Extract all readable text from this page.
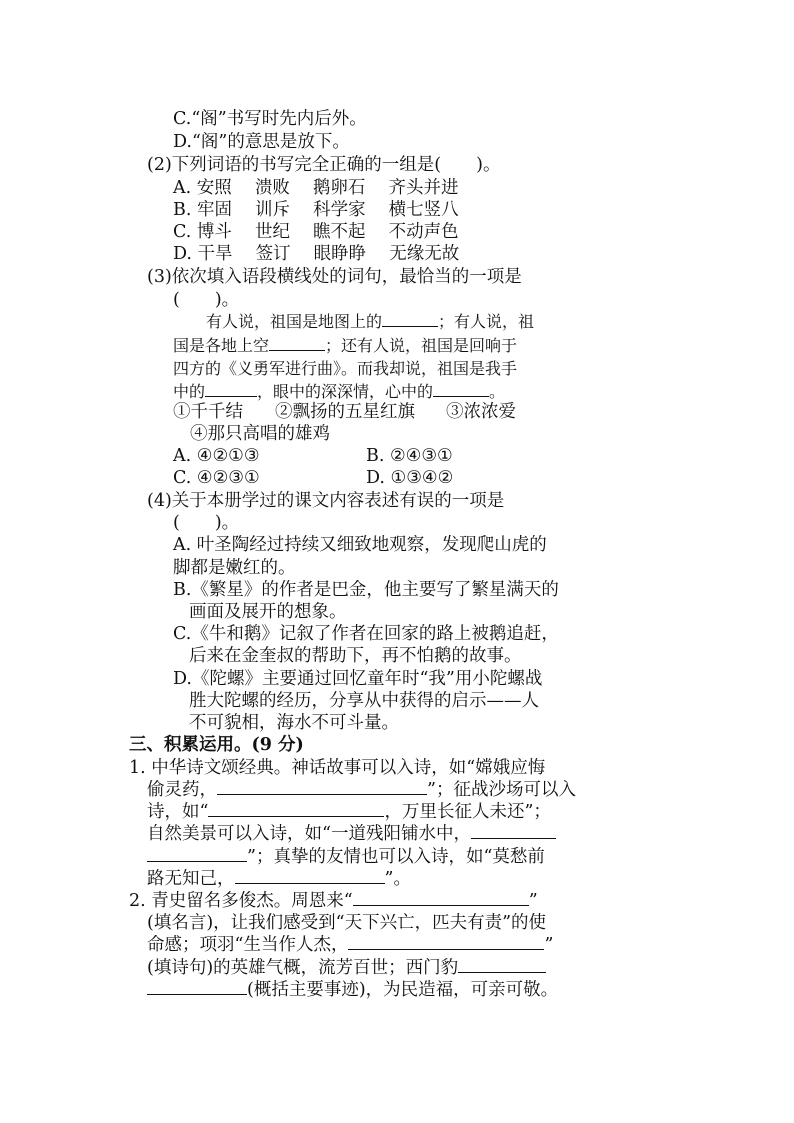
C.“阁”书写时先内后外。
D.“阁”的意思是放下。
(2)下列词语的书写完全正确的一组是(　　)。
A. 安照　 溃败　 鹅卵石　 齐头并进
B. 牢固　 训斥　 科学家　 横七竖八
C. 博斗　 世纪　 瞧不起　 不动声色
D. 干旱　 签订　 眼睁睁　 无缘无故
(3)依次填入语段横线处的词句，最恰当的一项是
(　　)。
有人说，祖国是地图上的	；有人说，祖
国是各地上空	；还有人说，祖国是回响于
四方的《义勇军进行曲》。而我却说，祖国是我手
中的	，眼中的深深情，心中的	。
①千千结 ②飘扬的五星红旗 ③浓浓爱
④那只高唱的雄鸡
A. ④②①③	B. ②④③①
C. ④②③①	D. ①③④②
(4)关于本册学过的课文内容表述有误的一项是
(　　)。
A. 叶圣陶经过持续又细致地观察，发现爬山虎的
脚都是嫩红的。
B.《繁星》的作者是巴金，他主要写了繁星满天的
画面及展开的想象。
C.《牛和鹅》记叙了作者在回家的路上被鹅追赶，
后来在金奎叔的帮助下，再不怕鹅的故事。
D.《陀螺》主要通过回忆童年时“我”用小陀螺战
胜大陀螺的经历，分享从中获得的启示——人
不可貌相，海水不可斗量。
三、积累运用。(9 分)
1. 中华诗文颂经典。神话故事可以入诗，如“嫦娥应悔
偷灵药，	”；征战沙场可以入
诗，如“	，万里长征人未还”；
自然美景可以入诗，如“一道残阳铺水中，
”；真挚的友情也可以入诗，如“莫愁前
路无知己，	”。
2. 青史留名多俊杰。周恩来“	”
(填名言)，让我们感受到“天下兴亡，匹夫有责”的使
命感；项羽“生当作人杰，	”
(填诗句)的英雄气概，流芳百世；西门豹
(概括主要事迹)，为民造福，可亲可敬。
